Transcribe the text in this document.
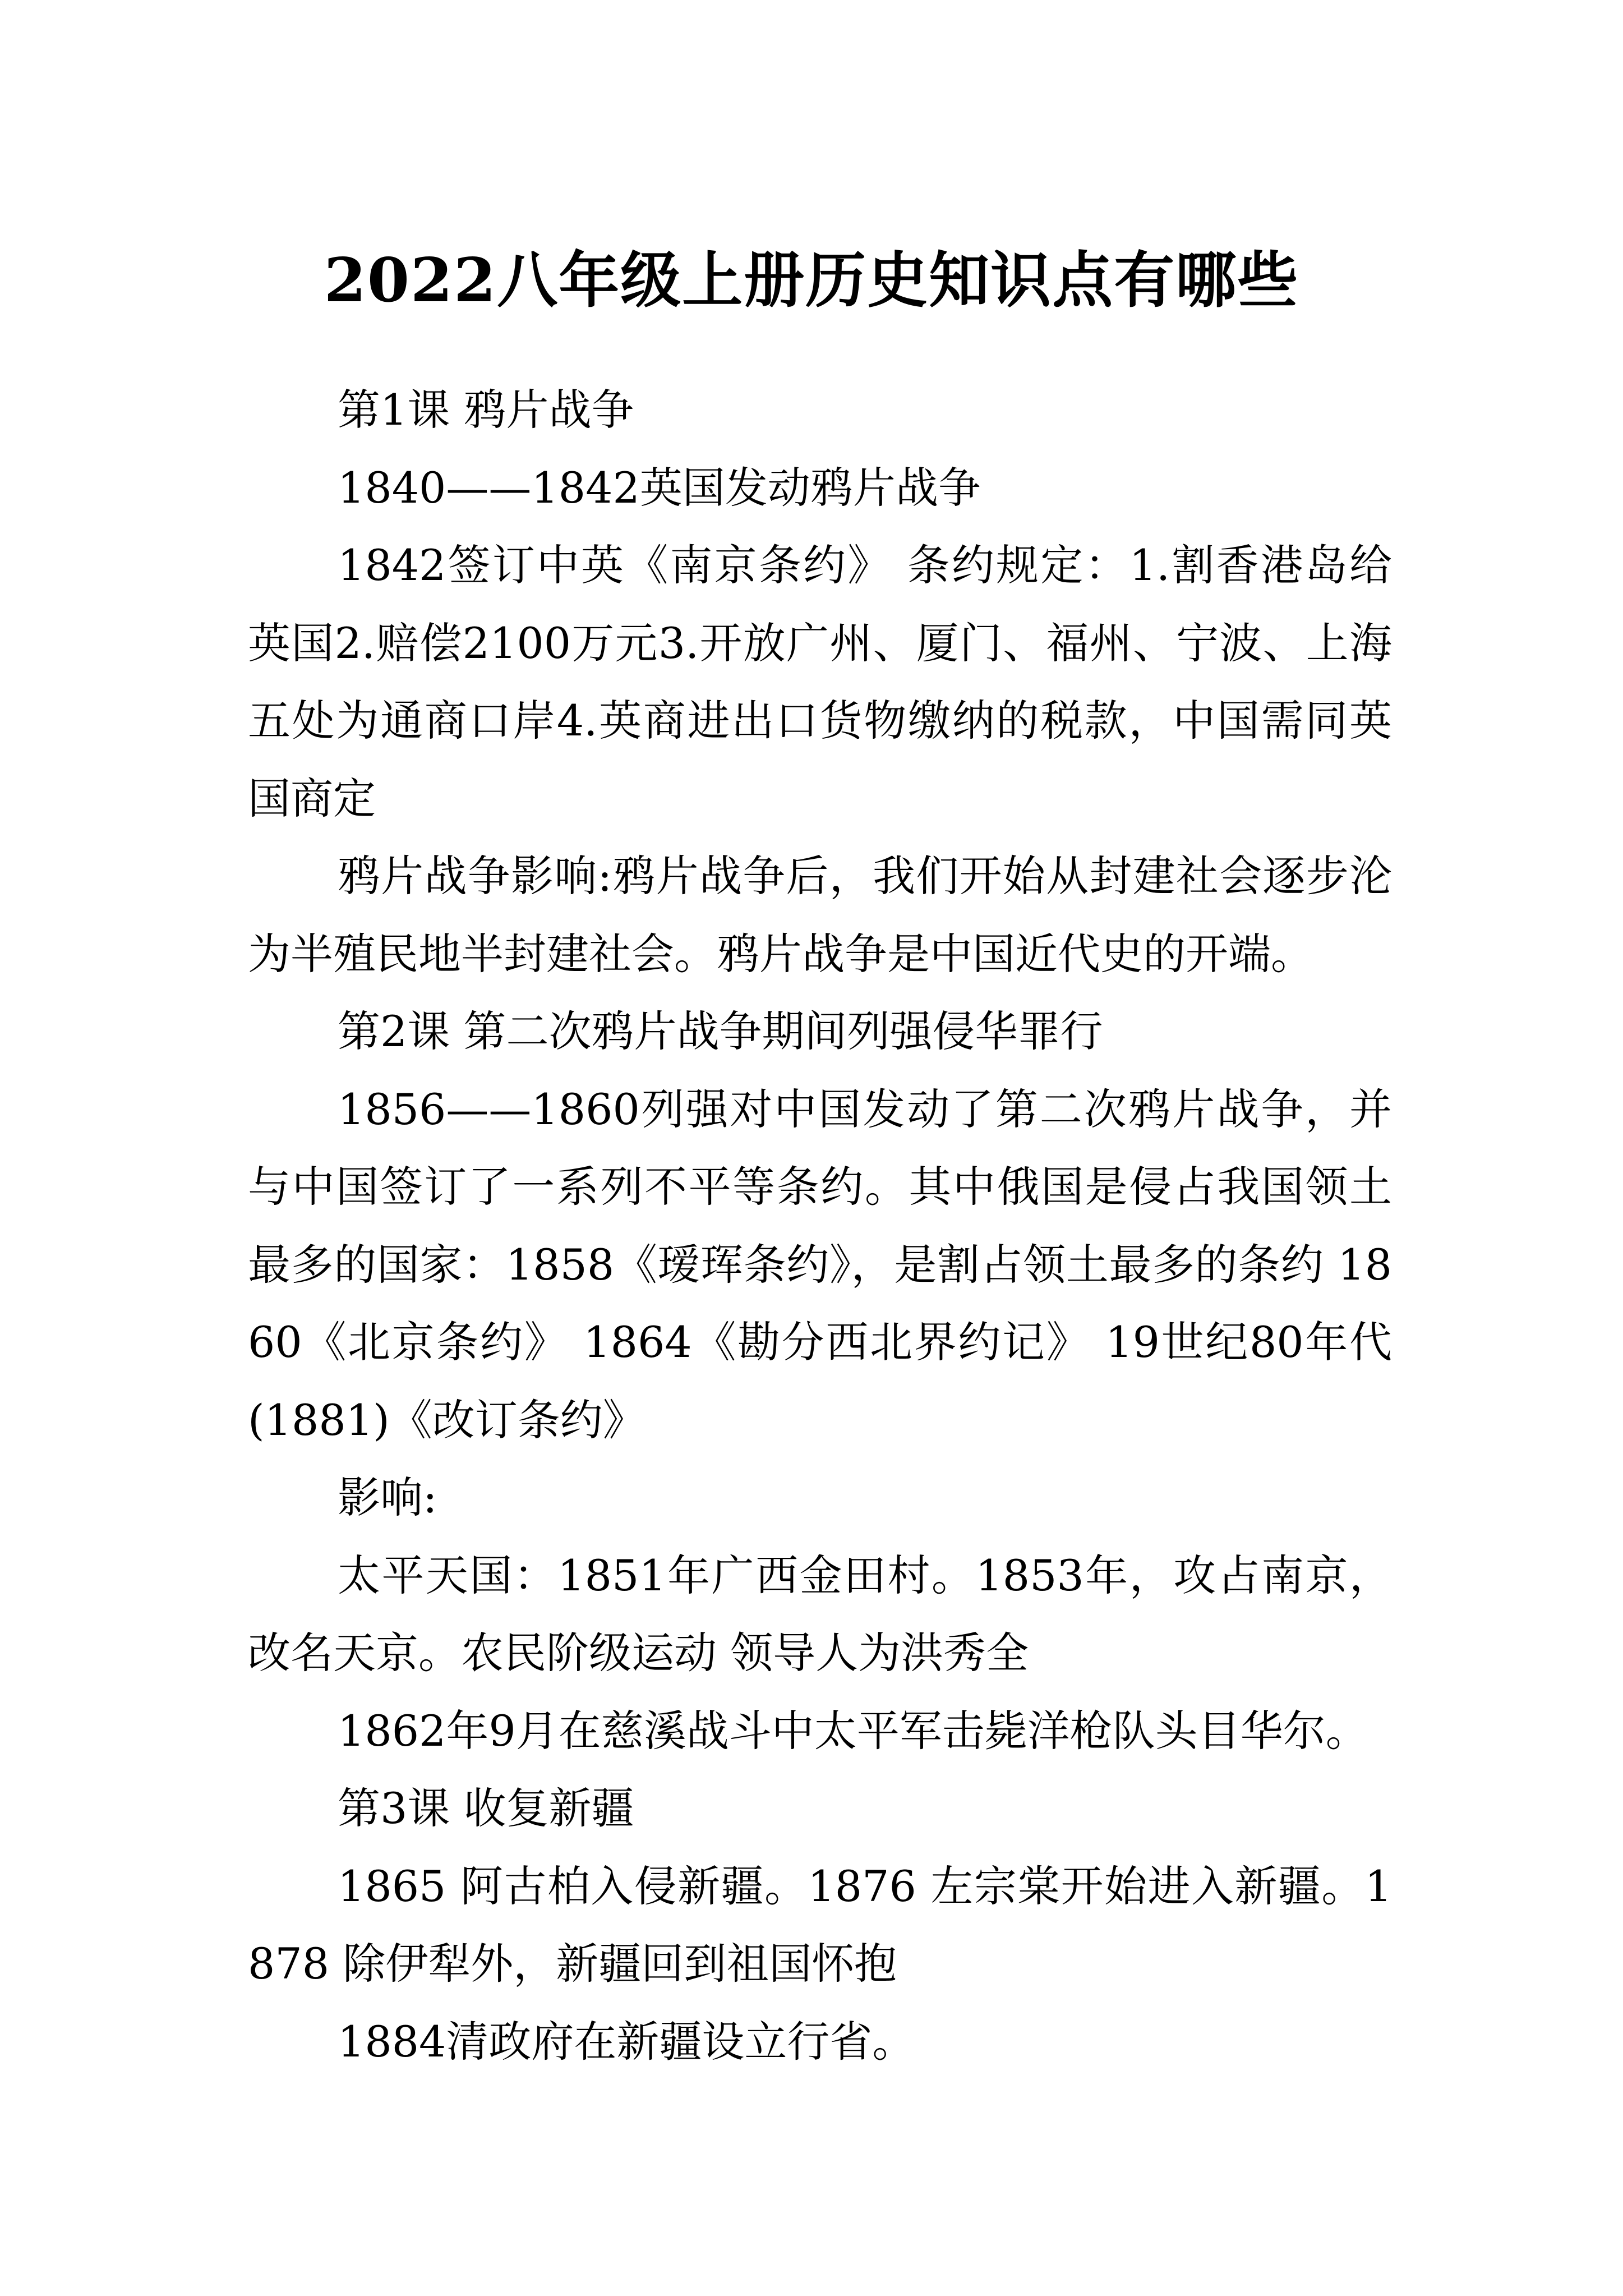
2022八年级上册历史知识点有哪些

第1课 鸦片战争

1840——1842英国发动鸦片战争

1842签订中英《南京条约》 条约规定：1.割香港岛给英国2.赔偿2100万元3.开放广州、厦门、福州、宁波、上海五处为通商口岸4.英商进出口货物缴纳的税款，中国需同英国商定

鸦片战争影响:鸦片战争后，我们开始从封建社会逐步沦为半殖民地半封建社会。鸦片战争是中国近代史的开端。

第2课 第二次鸦片战争期间列强侵华罪行

1856——1860列强对中国发动了第二次鸦片战争，并与中国签订了一系列不平等条约。其中俄国是侵占我国领土最多的国家：1858《瑷珲条约》，是割占领土最多的条约 1860《北京条约》 1864《勘分西北界约记》 19世纪80年代(1881)《改订条约》

影响:

太平天国：1851年广西金田村。1853年，攻占南京，改名天京。农民阶级运动 领导人为洪秀全

1862年9月在慈溪战斗中太平军击毙洋枪队头目华尔。

第3课 收复新疆

1865 阿古柏入侵新疆。1876 左宗棠开始进入新疆。1878 除伊犁外，新疆回到祖国怀抱

1884清政府在新疆设立行省。
